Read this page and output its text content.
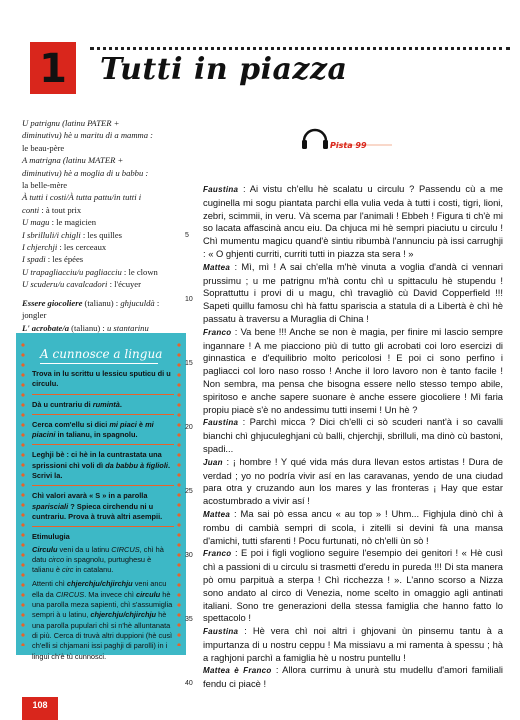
1	Tutti in piazza
U patrignu (latinu PATER +
diminutivu) hè u maritu di a mamma :
le beau-père
A matrigna (latinu MATER +
diminutivu) hè a moglia di u babbu :
la belle-mère
À tutti i costi/À tutta pattu/in tutti i
conti : à tout prix
U magu : le magicien
I sbrilluli/i chigli : les quilles
I chjerchji : les cerceaux
I spadi : les épées
U trapagliacciu/u pagliacciu : le clown
U scuderu/u cavalcadori : l'écuyer
Essere giocoliere (talianu) : ghjuculdà :
jongler
L' acrobate/a (talianu) : u stantarinu
A cunnosce a lingua

Trova in lu scrittu u lessicu sputicu di u circulu.

Dà u cuntrariu di rumintà.

Cerca com'ellu si dici mi piaci è mi piacini in talianu, in spagnolu.

Leghji bè : ci hè in la cuntrastata una sprissioni chì voli dì da babbu à figlioli. Scrivi la.

Chì valori avarà « S » in a parolla sparisciali ? Spieca circhendu ni u cuntrariu. Prova à truvà altri asempii.

Etimulugia

Circulu veni da u latinu CIRCUS, chì hà datu circo in spagnolu, purtughesu è talianu è circ in catalanu.

Attenti chì chjerchju/chjirchju veni ancu ella da CIRCUS. Ma invece chì circulu hè una parolla meza sapienti, chì s'assumiglia sempri à u latinu, chjerchju/chjirchju hè una parolla pupulari chì si n'hè alluntanata di più. Cerca di truvà altri duppioni (hè cusì ch'elli si chjamani issi paghji di parolli) in i lingui ch'è tù cunnosci.

Pista 99
5
10
15
20
25
30
35
40

Faustina : Ai vistu ch'ellu hè scalatu u circulu ? Passendu cù a me cuginella mi sogu piantata parchi ella vulia veda à tutti i costi, tigri, lioni, zebri, scimmii, in veru. Và scema par l'animali ! Ebbeh ! Figura ti ch'è mi so lacata affascinà ancu eiu. Da chjuca mi hè sempri piaciutu u circulu ! Chì mumentu magicu quand'è sintiu ribumbà l'annunciu pà issi carrughji : « O ghjenti curriti, curriti tutti in piazza sta sera ! »

Mattea : Mì, mì ! A sai ch'ella m'hè vinuta a voglia d'andà ci vennari prussimu ; u me patrignu m'hà contu chì u spittaculu hè stupendu ! Soprattuttu i provi di u magu, chì travagliò cù David Copperfield !!! Sapeti quillu famosu chì hà fattu sparisciа a statula di a Libertà è chì hè passatu à traversu a Muraglia di China !

Franco : Va bene !!! Anche se non è magia, per finire mi lascio sempre ingannare ! A me piacciono più di tutto gli acrobati coi loro esercizi di ginnastica e d'equilibrio molto pericolosi ! E poi ci sono perfino i pagliacci col loro naso rosso ! Anche il loro lavoro non è tanto facile ! Non sembra, ma pensa che bisogna essere nello stesso tempo abile, spiritoso e anche sapere suonare è anche essere giocoliere ! Mì faria propiu piacè s'è no andessimu tutti insemi ! Un hè ?

Faustina : Parchì micca ? Dici ch'elli ci sò scuderi nant'à i so cavalli bianchi chì ghjuculeghjani cù balli, chjerchji, sbrilluli, ma dinò cù bastoni, spadi...

Juan : ¡ hombre ! Y qué vida más dura llevan estos artistas ! Dura de verdad ; yo no podría vivir así en las caravanas, yendo de una ciudad para otra y cruzando aun los mares y las fronteras ¡ Hay que estar acostumbrado a vivir así !

Mattea : Ma sai pò essa ancu « au top » ! Uhm... Fighjula dinò chì à rombu di cambià sempri di scola, i zitelli si devini fà una mansa d'amichi, tutti sfarenti ! Pocu furtunati, nò ch'elli ùn sò !

Franco : E poi i figli vogliono seguire l'esempio dei genitori ! « Hè cusì chì a passioni di u circulu si trasmetti d'eredu in pureda !!! Di sta manera pò omu parpituà a sterpa ! Chì ricchezza ! ». L'anno scorso a Nizza sono andato al circo di Venezia, nome scelto in omaggio agli antinati italiani. Sono tre generazioni della stessa famiglia che hanno fatto lo spettacolo !

Faustina : Hè vera chì noi altri i ghjovani ùn pinsemu tantu à a impurtanza di u nostru ceppu ! Ma missiavu a mi ramenta à spessu ; hà a raghjoni parchì a famiglia hè u nostru puntellu !

Mattea è Franco : Allora currimu à unurà stu mudellu d'amori familiali fendu ci piacè !

108
